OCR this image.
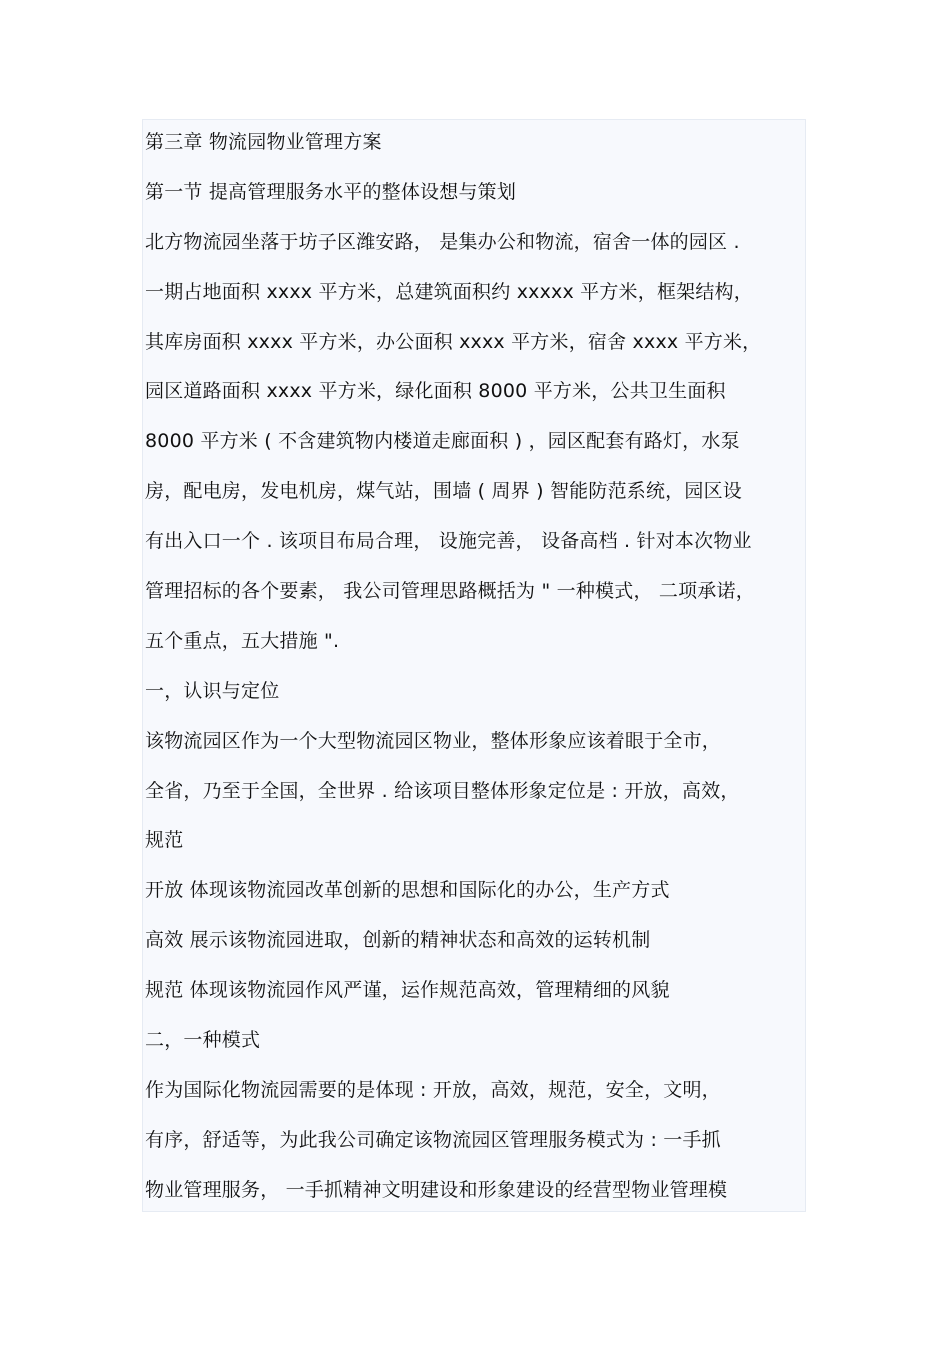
第三章 物流园物业管理方案
第一节 提高管理服务水平的整体设想与策划
北方物流园坐落于坊子区潍安路， 是集办公和物流，宿舍一体的园区 .
一期占地面积 xxxx 平方米，总建筑面积约 xxxxx 平方米，框架结构，
其库房面积 xxxx 平方米，办公面积 xxxx 平方米，宿舍 xxxx 平方米，
园区道路面积 xxxx 平方米，绿化面积 8000 平方米，公共卫生面积
8000 平方米 ( 不含建筑物内楼道走廊面积 ) ，园区配套有路灯，水泵
房，配电房，发电机房，煤气站，围墙 ( 周界 ) 智能防范系统，园区设
有出入口一个 . 该项目布局合理， 设施完善， 设备高档 . 针对本次物业
管理招标的各个要素， 我公司管理思路概括为 " 一种模式， 二项承诺，
五个重点，五大措施 ".
一，认识与定位
该物流园区作为一个大型物流园区物业，整体形象应该着眼于全市，
全省，乃至于全国，全世界 . 给该项目整体形象定位是 : 开放，高效，
规范
开放 体现该物流园改革创新的思想和国际化的办公，生产方式
高效 展示该物流园进取，创新的精神状态和高效的运转机制
规范 体现该物流园作风严谨，运作规范高效，管理精细的风貌
二，一种模式
作为国际化物流园需要的是体现 : 开放，高效，规范，安全，文明，
有序，舒适等，为此我公司确定该物流园区管理服务模式为 : 一手抓
物业管理服务， 一手抓精神文明建设和形象建设的经营型物业管理模
